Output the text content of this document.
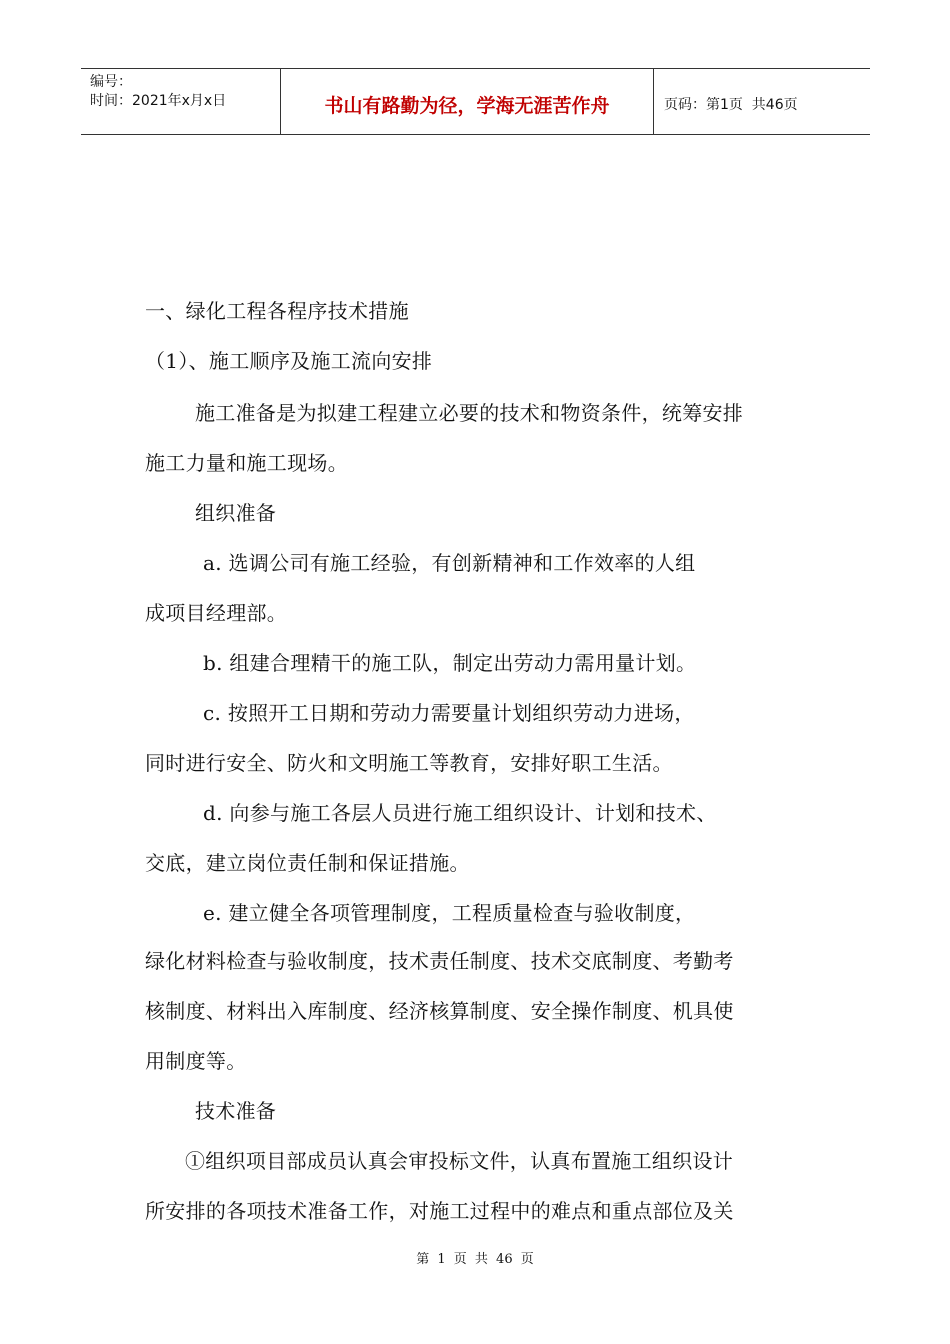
编号：
时间：2021年x月x日	书山有路勤为径，学海无涯苦作舟	页码：第1页  共46页
一、绿化工程各程序技术措施
（1）、施工顺序及施工流向安排
施工准备是为拟建工程建立必要的技术和物资条件，统筹安排
施工力量和施工现场。
组织准备
a. 选调公司有施工经验，有创新精神和工作效率的人组
成项目经理部。
b. 组建合理精干的施工队，制定出劳动力需用量计划。
c. 按照开工日期和劳动力需要量计划组织劳动力进场，
同时进行安全、防火和文明施工等教育，安排好职工生活。
d. 向参与施工各层人员进行施工组织设计、计划和技术、
交底，建立岗位责任制和保证措施。
e. 建立健全各项管理制度，工程质量检查与验收制度，
绿化材料检查与验收制度，技术责任制度、技术交底制度、考勤考
核制度、材料出入库制度、经济核算制度、安全操作制度、机具使
用制度等。
技术准备
①组织项目部成员认真会审投标文件，认真布置施工组织设计
所安排的各项技术准备工作，对施工过程中的难点和重点部位及关
第 1 页 共 46 页
